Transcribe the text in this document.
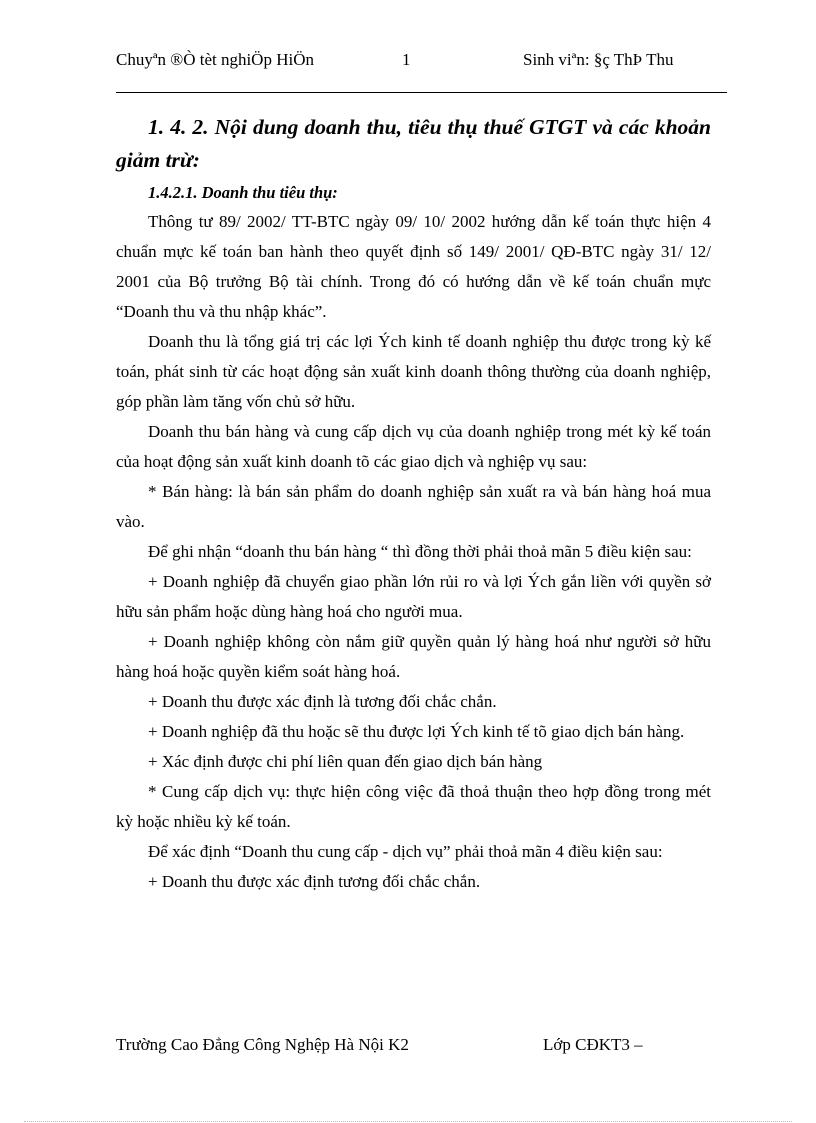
Chuyªn ®Ò tèt nghiÖp HiÖn	1	Sinh viªn: §ç ThÞ Thu
1. 4. 2. Nội dung doanh thu, tiêu thụ thuế GTGT và các khoản giảm trừ:
1.4.2.1. Doanh thu tiêu thụ:

Thông tư 89/ 2002/ TT-BTC ngày 09/ 10/ 2002 hướng dẫn kế toán thực hiện 4 chuẩn mực kế toán ban hành theo quyết định số 149/ 2001/ QĐ-BTC ngày 31/ 12/ 2001 của Bộ trưởng Bộ tài chính. Trong đó có hướng dẫn về kế toán chuẩn mực “Doanh thu và thu nhập khác”.

Doanh thu là tổng giá trị các lợi Ých kinh tế doanh nghiệp thu được trong kỳ kế toán, phát sinh từ các hoạt động sản xuất kinh doanh thông thường của doanh nghiệp, góp phần làm tăng vốn chủ sở hữu.

Doanh thu bán hàng và cung cấp dịch vụ của doanh nghiệp trong mét kỳ kế toán của hoạt động sản xuất kinh doanh tõ các giao dịch và nghiệp vụ sau:

* Bán hàng: là bán sản phẩm do doanh nghiệp sản xuất ra và bán hàng hoá mua vào.

Để ghi nhận “doanh thu bán hàng “ thì đồng thời phải thoả mãn 5 điều kiện sau:

+ Doanh nghiệp đã chuyển giao phần lớn rủi ro và lợi Ých gắn liền với quyền sở hữu sản phẩm hoặc dùng hàng hoá cho người mua.

+ Doanh nghiệp không còn nắm giữ quyền quản lý hàng hoá như người sở hữu hàng hoá hoặc quyền kiểm soát hàng hoá.

+ Doanh thu được xác định là tương đối chắc chắn.

+ Doanh nghiệp đã thu hoặc sẽ thu được lợi Ých kinh tế tõ giao dịch bán hàng.

+ Xác định được chi phí liên quan đến giao dịch bán hàng

* Cung cấp dịch vụ: thực hiện công việc đã thoả thuận theo hợp đồng trong mét kỳ hoặc nhiều kỳ kế toán.

Để xác định “Doanh thu cung cấp - dịch vụ” phải thoả mãn 4 điều kiện sau:

+ Doanh thu được xác định tương đối chắc chắn.

Trường Cao Đẳng Công Nghệp Hà Nội K2	Lớp CĐKT3 –
